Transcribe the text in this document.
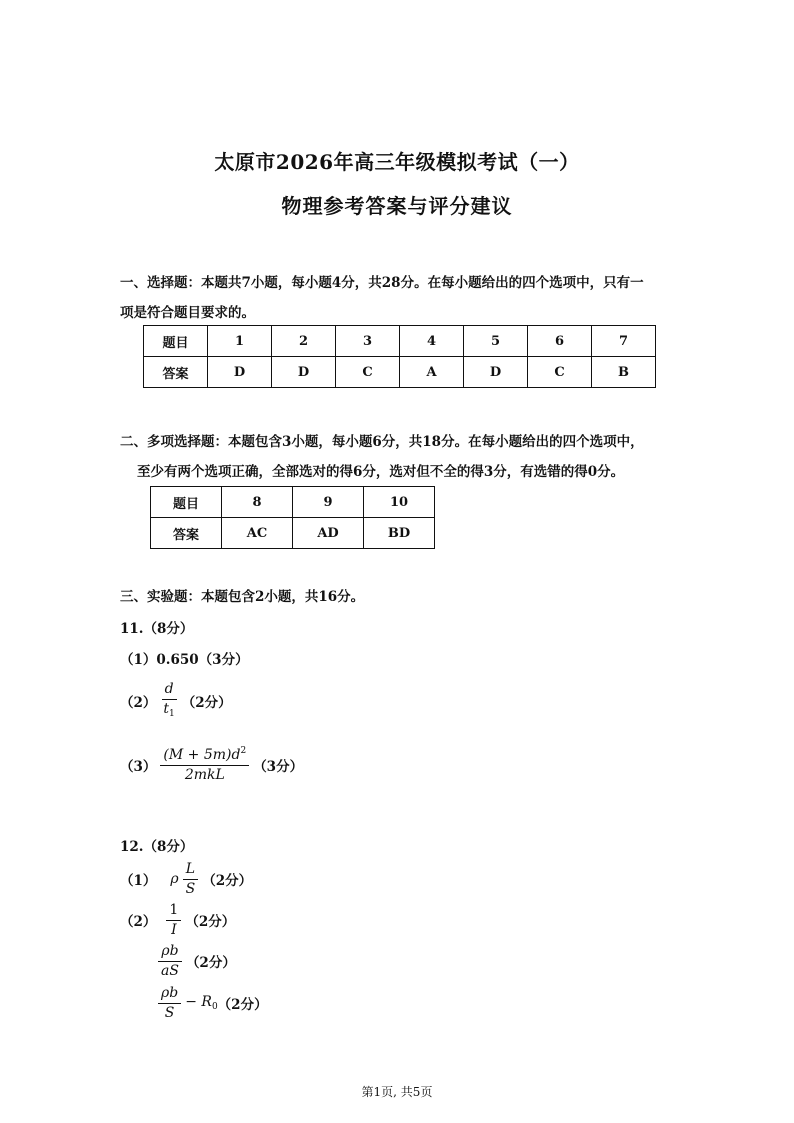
太原市2026年高三年级模拟考试（一）
物理参考答案与评分建议
一、选择题：本题共7小题，每小题4分，共28分。在每小题给出的四个选项中，只有一
项是符合题目要求的。
题目	1	2	3	4	5	6	7
答案	D	D	C	A	D	C	B
二、多项选择题：本题包含3小题，每小题6分，共18分。在每小题给出的四个选项中，
至少有两个选项正确，全部选对的得6分，选对但不全的得3分，有选错的得0分。
题目	8	9	10
答案	AC	AD	BD
三、实验题：本题包含2小题，共16分。
11.（8分）
（1） 0.650（3分）
$(2) \frac{d}{t_1} (2$分）
$(3) \frac{(M + 5m)d^2}{\text{2mkL}} (3$分）
12.（8分）
（1） ρ $\frac{L}{S} (2$分）
$(2) \frac{1}{I} (2$分）
$\frac{\rho b}{aS} (2$分）
$\frac{\rho b}{S} - R_0$ （2分）
第1页, 共5页
